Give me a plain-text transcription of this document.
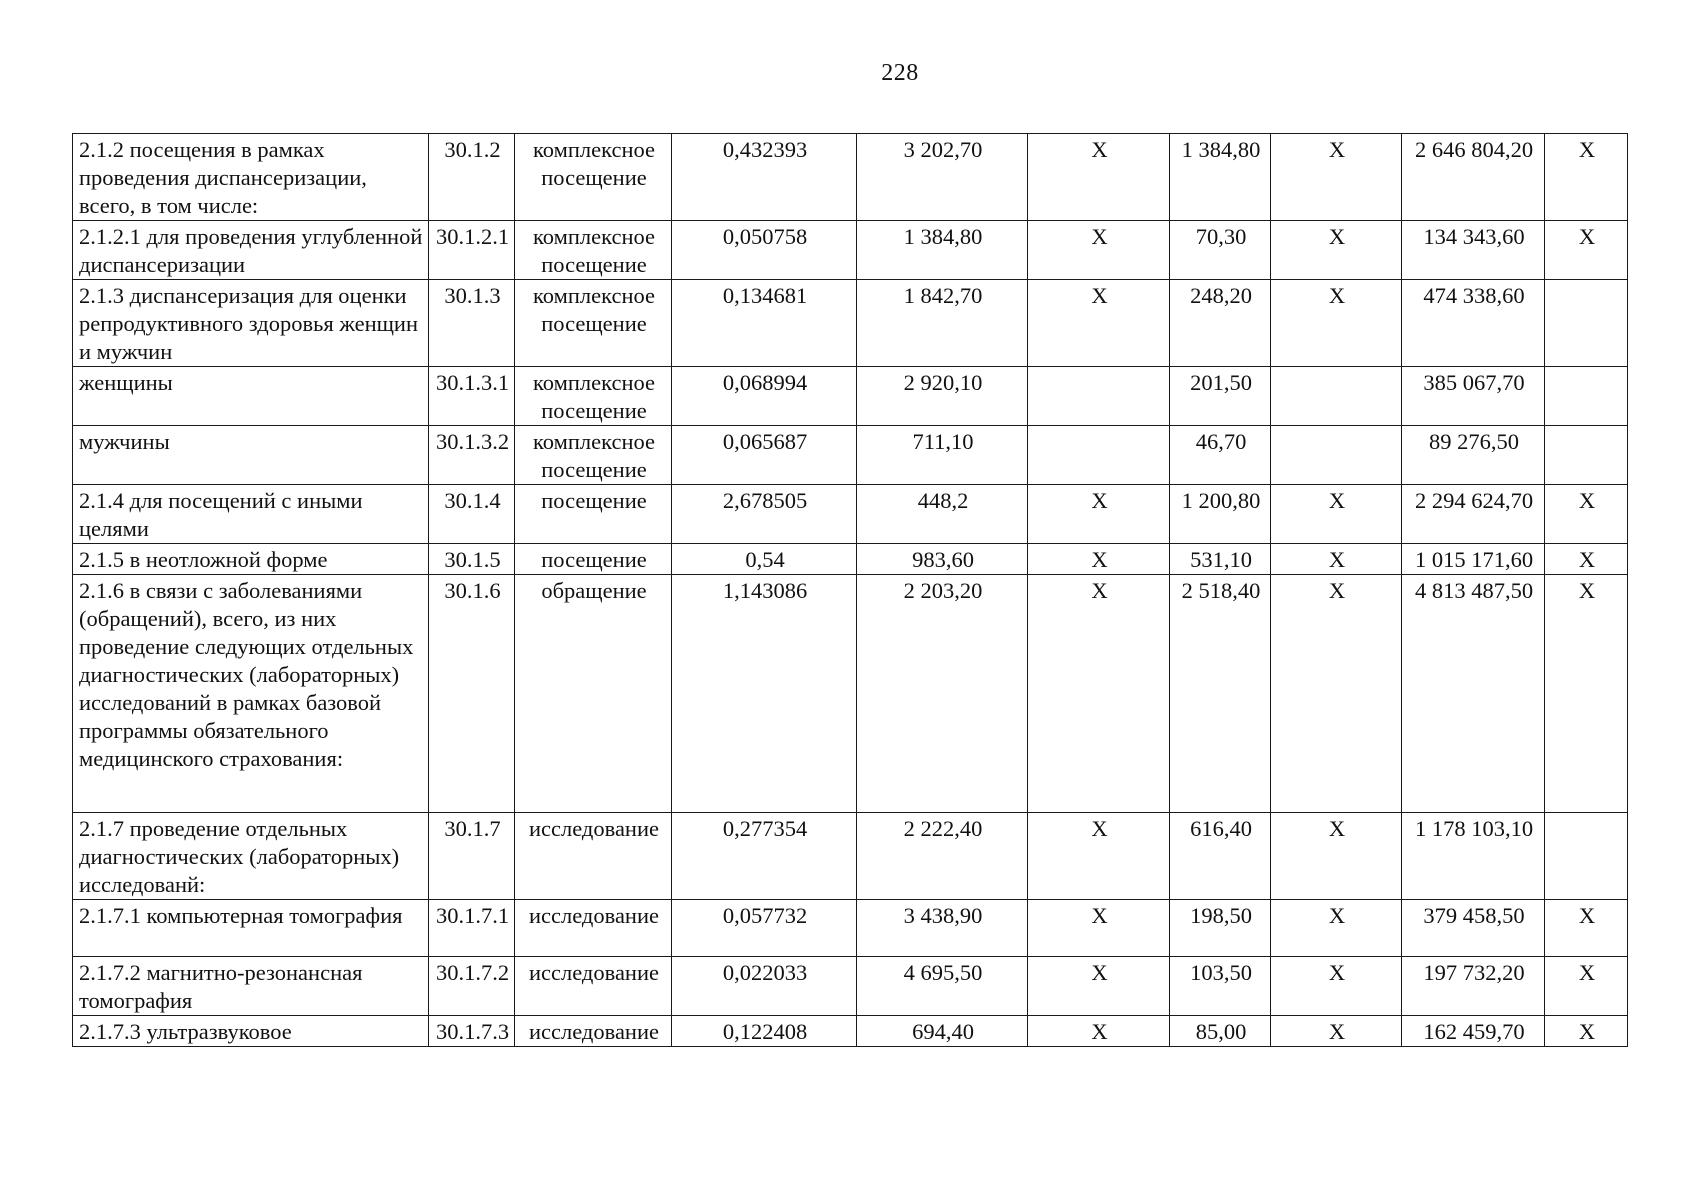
228
2.1.2 посещения в рамках проведения диспансеризации, всего, в том числе:	30.1.2	комплексное посещение	0,432393	3 202,70	Х	1 384,80	Х	2 646 804,20	Х
2.1.2.1 для проведения углубленной диспансеризации	30.1.2.1	комплексное посещение	0,050758	1 384,80	Х	70,30	Х	134 343,60	Х
2.1.3 диспансеризация для оценки репродуктивного здоровья женщин и мужчин	30.1.3	комплексное посещение	0,134681	1 842,70	Х	248,20	Х	474 338,60	
женщины	30.1.3.1	комплексное посещение	0,068994	2 920,10		201,50		385 067,70	
мужчины	30.1.3.2	комплексное посещение	0,065687	711,10		46,70		89 276,50	
2.1.4 для посещений с иными целями	30.1.4	посещение	2,678505	448,2	Х	1 200,80	Х	2 294 624,70	Х
2.1.5 в неотложной форме	30.1.5	посещение	0,54	983,60	Х	531,10	Х	1 015 171,60	Х
2.1.6 в связи с заболеваниями (обращений), всего, из них проведение следующих отдельных диагностических (лабораторных) исследований в рамках базовой программы обязательного медицинского страхования:	30.1.6	обращение	1,143086	2 203,20	Х	2 518,40	Х	4 813 487,50	Х
2.1.7 проведение отдельных диагностических (лабораторных) исследованй:	30.1.7	исследование	0,277354	2 222,40	Х	616,40	Х	1 178 103,10	
2.1.7.1 компьютерная томография	30.1.7.1	исследование	0,057732	3 438,90	Х	198,50	Х	379 458,50	Х
2.1.7.2 магнитно-резонансная томография	30.1.7.2	исследование	0,022033	4 695,50	Х	103,50	Х	197 732,20	Х
2.1.7.3 ультразвуковое	30.1.7.3	исследование	0,122408	694,40	Х	85,00	Х	162 459,70	Х
